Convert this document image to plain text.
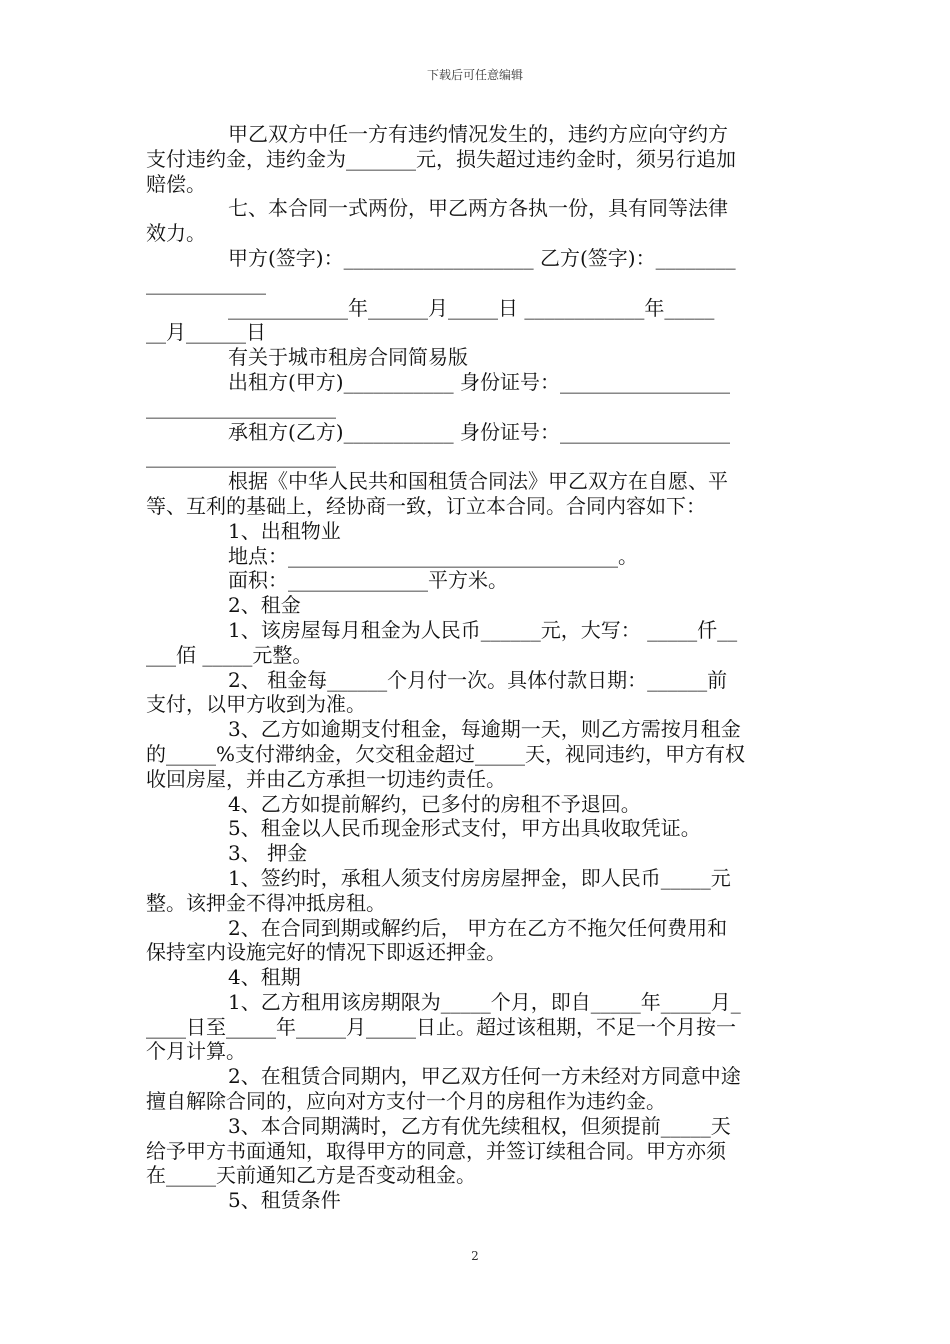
下载后可任意编辑

甲乙双方中任一方有违约情况发生的，违约方应向守约方

支付违约金，违约金为_______元，损失超过违约金时，须另行追加

赔偿。

七、本合同一式两份，甲乙两方各执一份，具有同等法律

效力。

甲方(签字)：___________________ 乙方(签字)：________

____________

____________年______月_____日 ____________年_____

__月______日

有关于城市租房合同简易版

出租方(甲方)___________ 身份证号：_________________

___________________

承租方(乙方)___________ 身份证号：_________________

___________________

根据《中华人民共和国租赁合同法》甲乙双方在自愿、平

等、互利的基础上，经协商一致，订立本合同。合同内容如下：

1、出租物业

地点：_________________________________。

面积：______________平方米。

2、租金

1、该房屋每月租金为人民币______元，大写： _____仟__

___佰 _____元整。

2、 租金每______个月付一次。具体付款日期：______前

支付，以甲方收到为准。

3、乙方如逾期支付租金，每逾期一天，则乙方需按月租金

的_____%支付滞纳金，欠交租金超过_____天，视同违约，甲方有权

收回房屋，并由乙方承担一切违约责任。

4、乙方如提前解约，已多付的房租不予退回。

5、租金以人民币现金形式支付，甲方出具收取凭证。

3、 押金

1、签约时，承租人须支付房房屋押金，即人民币_____元

整。该押金不得冲抵房租。

2、在合同到期或解约后， 甲方在乙方不拖欠任何费用和

保持室内设施完好的情况下即返还押金。

4、租期

1、乙方租用该房期限为_____个月，即自_____年_____月_

____日至_____年_____月_____日止。超过该租期，不足一个月按一

个月计算。

2、在租赁合同期内，甲乙双方任何一方未经对方同意中途

擅自解除合同的，应向对方支付一个月的房租作为违约金。

3、本合同期满时，乙方有优先续租权，但须提前_____天

给予甲方书面通知，取得甲方的同意，并签订续租合同。甲方亦须

在_____天前通知乙方是否变动租金。

5、租赁条件

2
